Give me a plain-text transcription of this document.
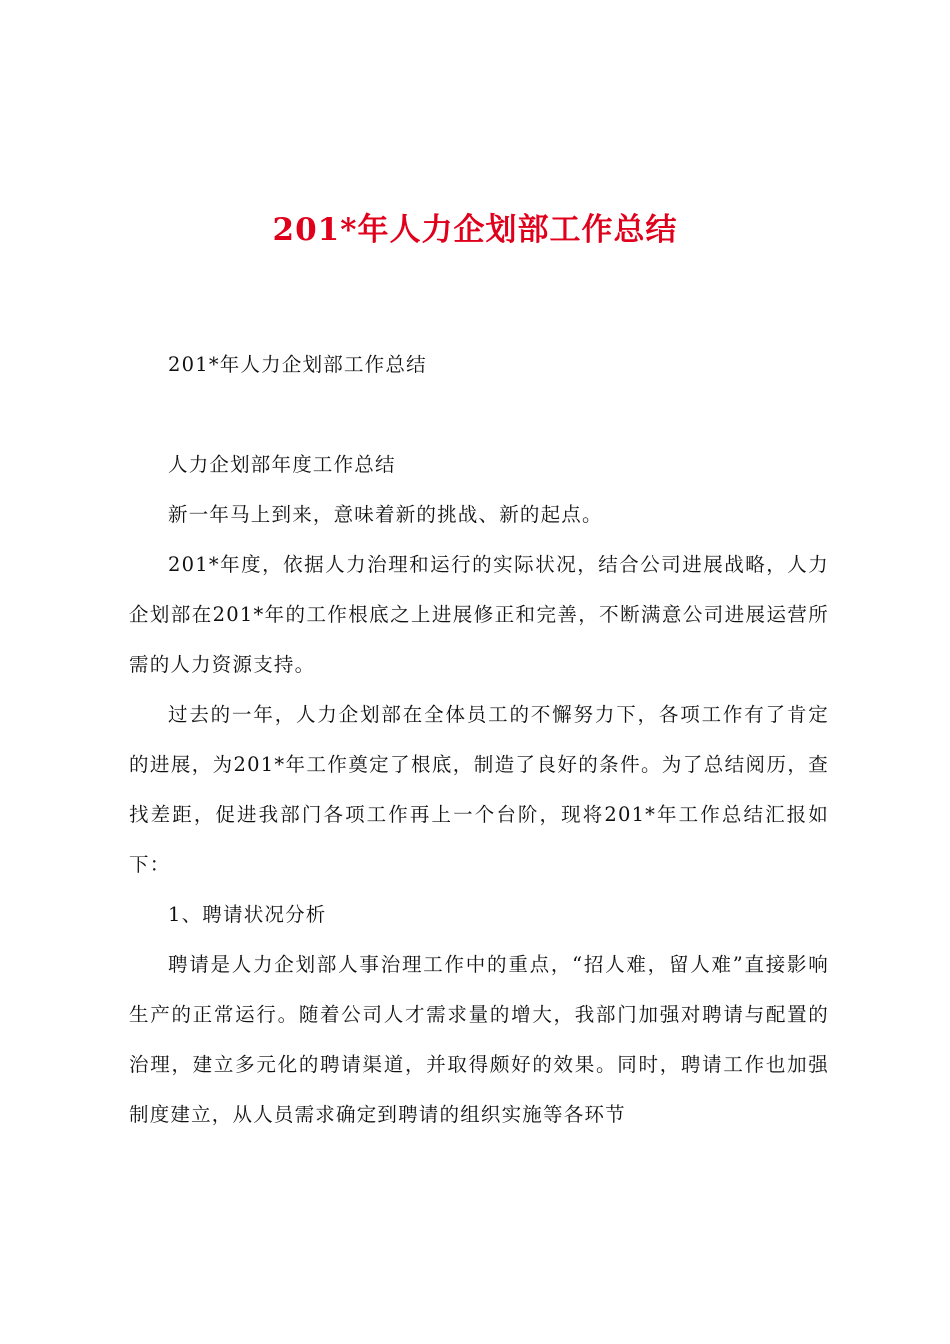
201*年人力企划部工作总结

201*年人力企划部工作总结

人力企划部年度工作总结

新一年马上到来，意味着新的挑战、新的起点。

201*年度，依据人力治理和运行的实际状况，结合公司进展战略，人力企划部在201*年的工作根底之上进展修正和完善，不断满意公司进展运营所需的人力资源支持。

过去的一年，人力企划部在全体员工的不懈努力下，各项工作有了肯定的进展，为201*年工作奠定了根底，制造了良好的条件。为了总结阅历，查找差距，促进我部门各项工作再上一个台阶，现将201*年工作总结汇报如下：

1、聘请状况分析

聘请是人力企划部人事治理工作中的重点，“招人难，留人难”直接影响生产的正常运行。随着公司人才需求量的增大，我部门加强对聘请与配置的治理，建立多元化的聘请渠道，并取得颇好的效果。同时，聘请工作也加强制度建立，从人员需求确定到聘请的组织实施等各环节
